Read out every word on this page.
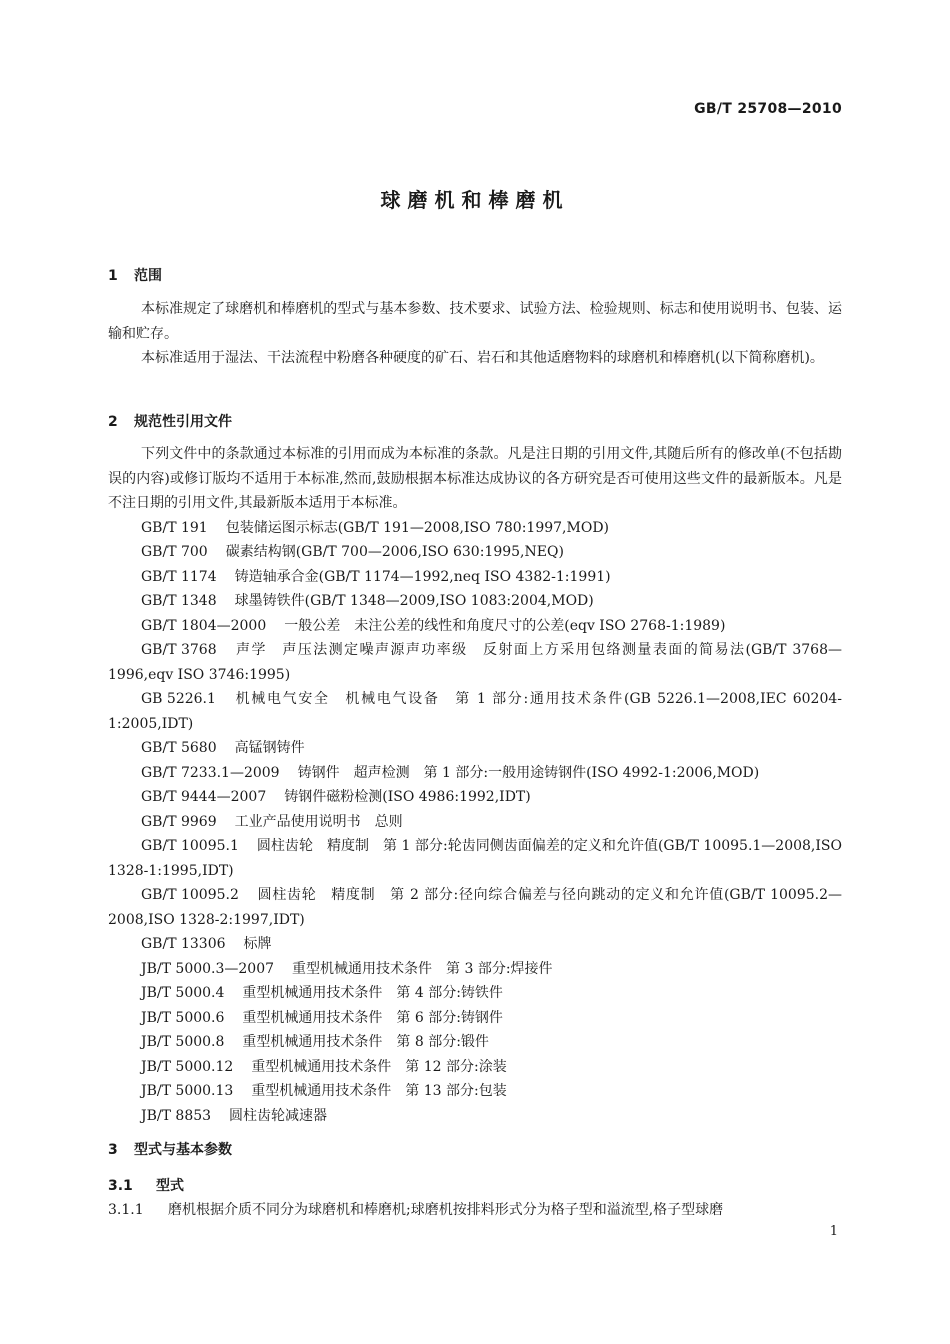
GB/T 25708—2010
球磨机和棒磨机
1 范围

本标准规定了球磨机和棒磨机的型式与基本参数、技术要求、试验方法、检验规则、标志和使用说明书、包装、运输和贮存。

本标准适用于湿法、干法流程中粉磨各种硬度的矿石、岩石和其他适磨物料的球磨机和棒磨机(以下简称磨机)。

2 规范性引用文件

下列文件中的条款通过本标准的引用而成为本标准的条款。凡是注日期的引用文件,其随后所有的修改单(不包括勘误的内容)或修订版均不适用于本标准,然而,鼓励根据本标准达成协议的各方研究是否可使用这些文件的最新版本。凡是不注日期的引用文件,其最新版本适用于本标准。

GB/T 191 包装储运图示标志(GB/T 191—2008,ISO 780:1997,MOD)

GB/T 700 碳素结构钢(GB/T 700—2006,ISO 630:1995,NEQ)

GB/T 1174 铸造轴承合金(GB/T 1174—1992,neq ISO 4382-1:1991)

GB/T 1348 球墨铸铁件(GB/T 1348—2009,ISO 1083:2004,MOD)

GB/T 1804—2000 一般公差　未注公差的线性和角度尺寸的公差(eqv ISO 2768-1:1989)

GB/T 3768 声学　声压法测定噪声源声功率级　反射面上方采用包络测量表面的简易法(GB/T 3768—1996,eqv ISO 3746:1995)

GB 5226.1 机械电气安全　机械电气设备　第 1 部分:通用技术条件(GB 5226.1—2008,IEC 60204-1:2005,IDT)

GB/T 5680 高锰钢铸件

GB/T 7233.1—2009 铸钢件　超声检测　第 1 部分:一般用途铸钢件(ISO 4992-1:2006,MOD)

GB/T 9444—2007 铸钢件磁粉检测(ISO 4986:1992,IDT)

GB/T 9969 工业产品使用说明书　总则

GB/T 10095.1 圆柱齿轮　精度制　第 1 部分:轮齿同侧齿面偏差的定义和允许值(GB/T 10095.1—2008,ISO 1328-1:1995,IDT)

GB/T 10095.2 圆柱齿轮　精度制　第 2 部分:径向综合偏差与径向跳动的定义和允许值(GB/T 10095.2—2008,ISO 1328-2:1997,IDT)

GB/T 13306 标牌

JB/T 5000.3—2007 重型机械通用技术条件　第 3 部分:焊接件

JB/T 5000.4 重型机械通用技术条件　第 4 部分:铸铁件

JB/T 5000.6 重型机械通用技术条件　第 6 部分:铸钢件

JB/T 5000.8 重型机械通用技术条件　第 8 部分:锻件

JB/T 5000.12 重型机械通用技术条件　第 12 部分:涂装

JB/T 5000.13 重型机械通用技术条件　第 13 部分:包装

JB/T 8853 圆柱齿轮减速器

3 型式与基本参数
3.1 型式
3.1.1 磨机根据介质不同分为球磨机和棒磨机;球磨机按排料形式分为格子型和溢流型,格子型球磨
1
